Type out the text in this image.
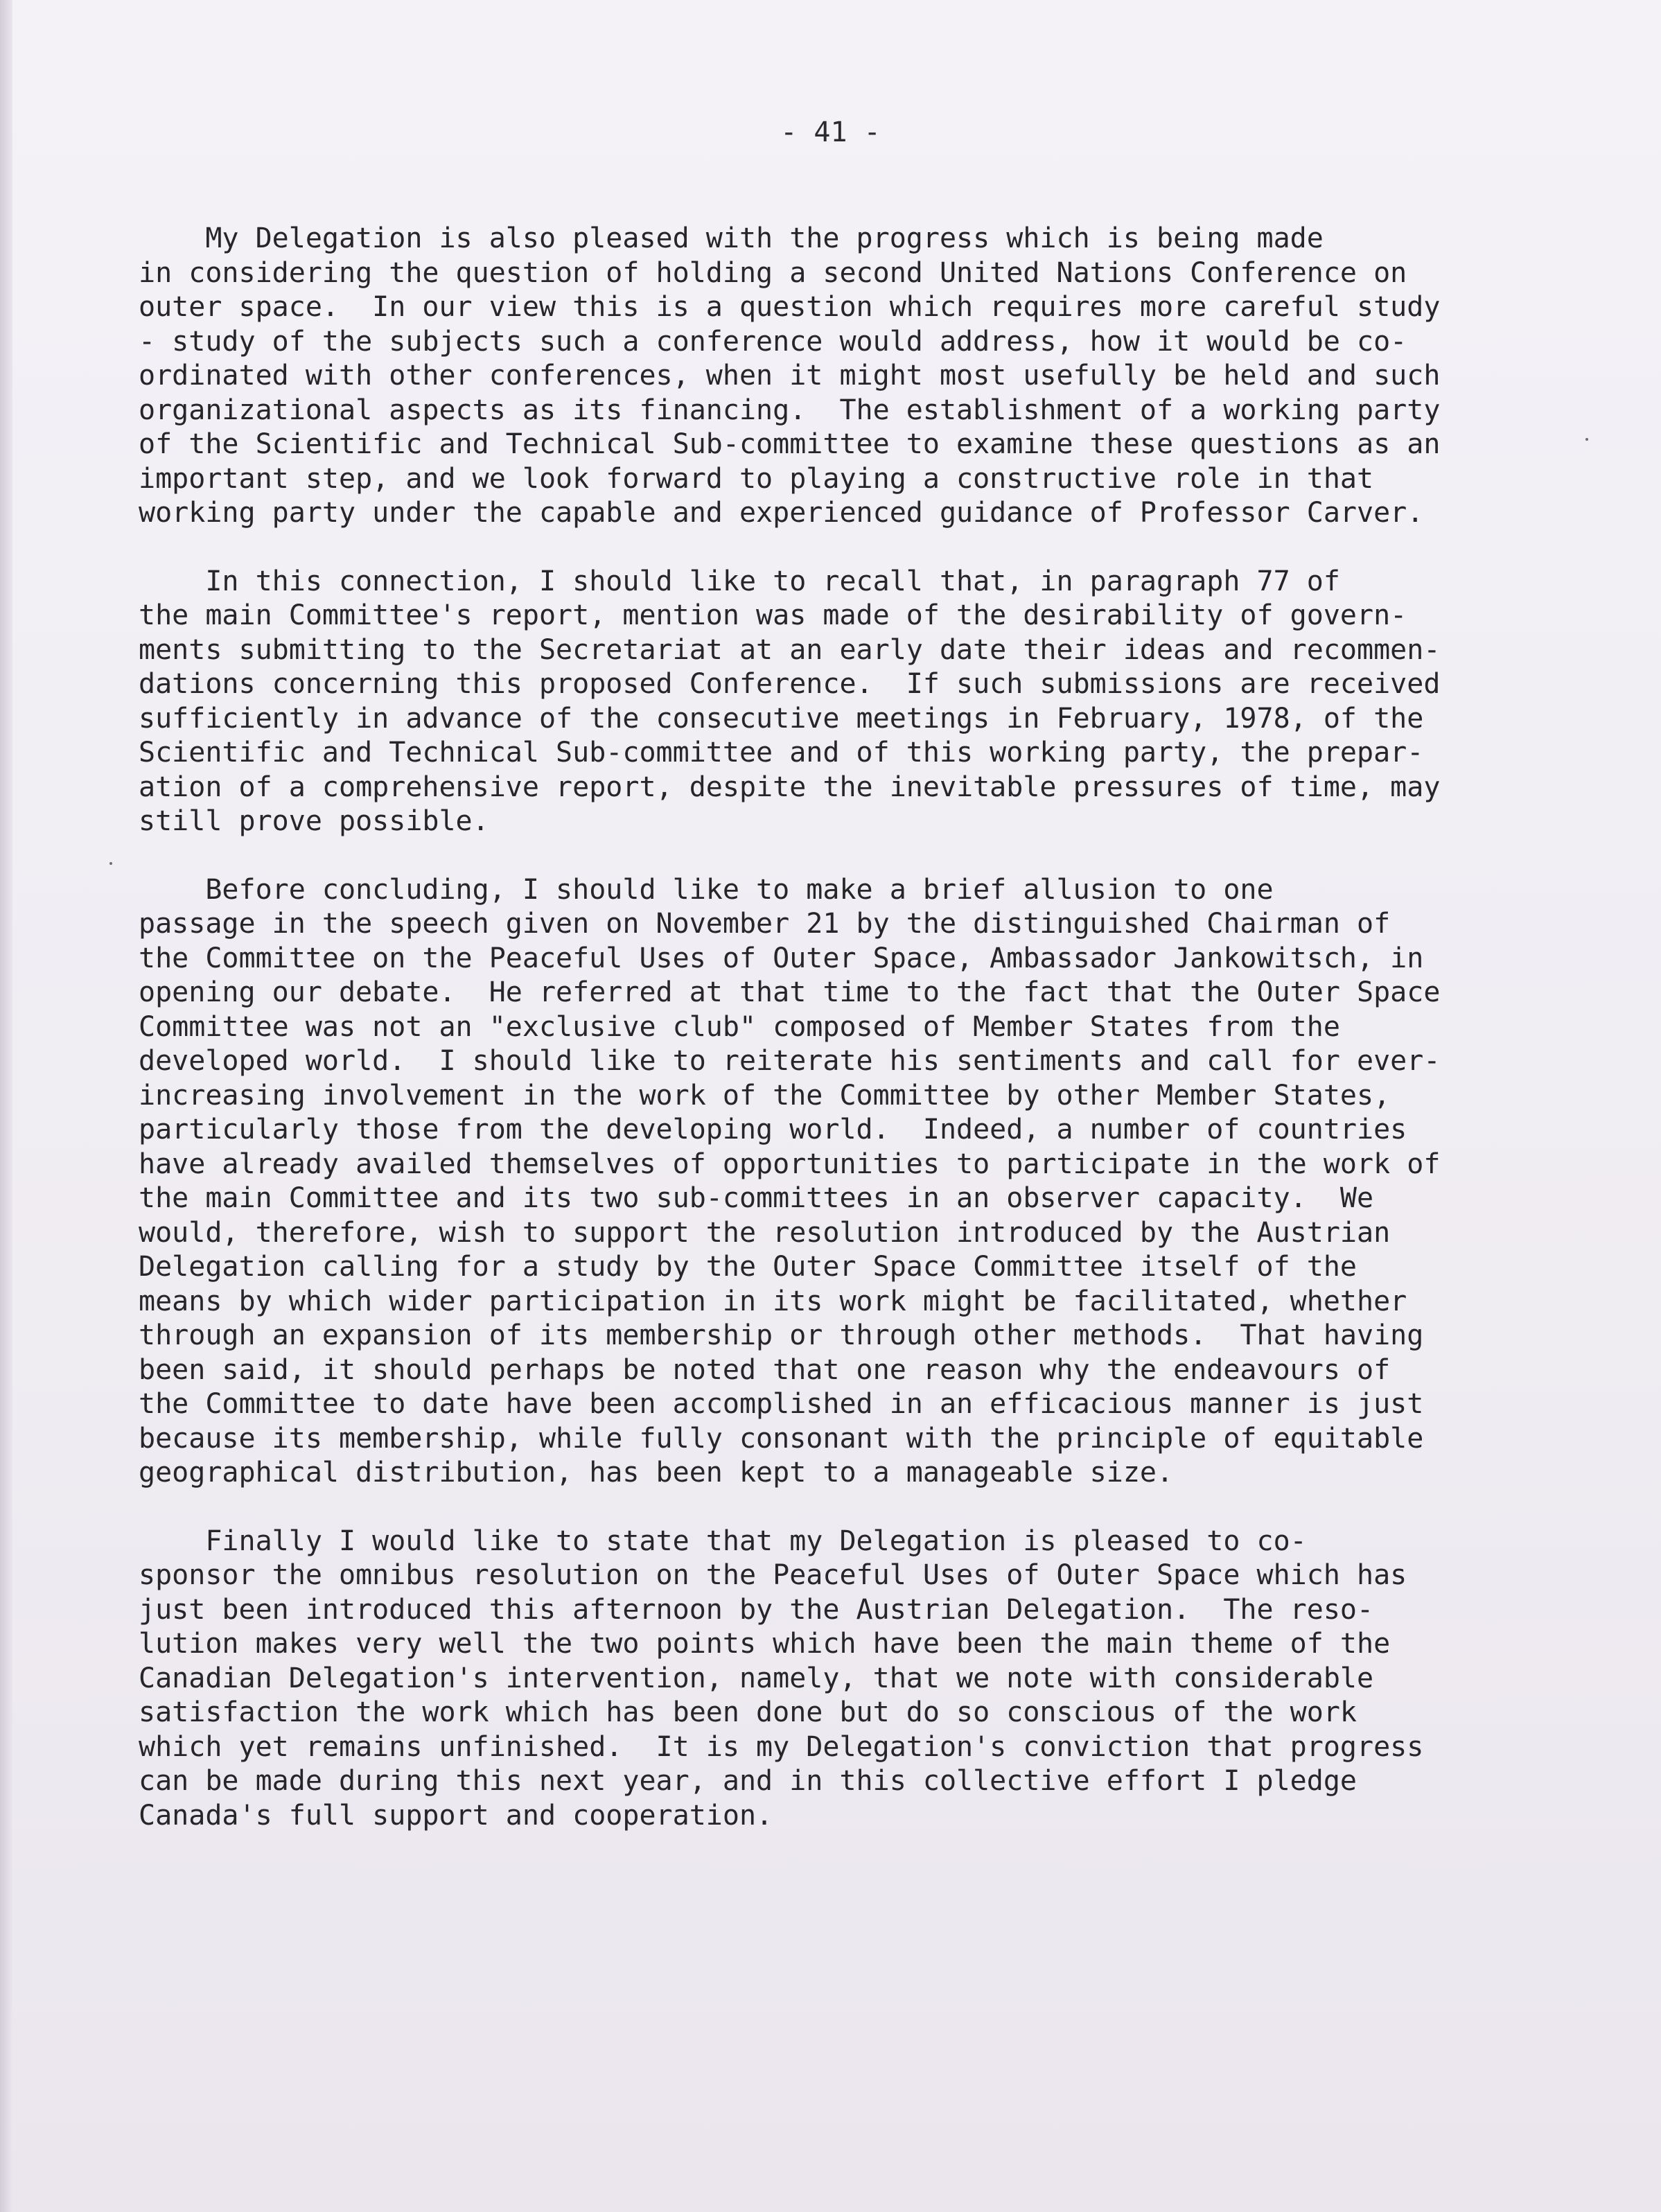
- 41 -
My Delegation is also pleased with the progress which is being made
in considering the question of holding a second United Nations Conference on
outer space.  In our view this is a question which requires more careful study
- study of the subjects such a conference would address, how it would be co-
ordinated with other conferences, when it might most usefully be held and such
organizational aspects as its financing.  The establishment of a working party
of the Scientific and Technical Sub-committee to examine these questions as an
important step, and we look forward to playing a constructive role in that
working party under the capable and experienced guidance of Professor Carver.
In this connection, I should like to recall that, in paragraph 77 of
the main Committee's report, mention was made of the desirability of govern-
ments submitting to the Secretariat at an early date their ideas and recommen-
dations concerning this proposed Conference.  If such submissions are received
sufficiently in advance of the consecutive meetings in February, 1978, of the
Scientific and Technical Sub-committee and of this working party, the prepar-
ation of a comprehensive report, despite the inevitable pressures of time, may
still prove possible.
Before concluding, I should like to make a brief allusion to one
passage in the speech given on November 21 by the distinguished Chairman of
the Committee on the Peaceful Uses of Outer Space, Ambassador Jankowitsch, in
opening our debate.  He referred at that time to the fact that the Outer Space
Committee was not an "exclusive club" composed of Member States from the
developed world.  I should like to reiterate his sentiments and call for ever-
increasing involvement in the work of the Committee by other Member States,
particularly those from the developing world.  Indeed, a number of countries
have already availed themselves of opportunities to participate in the work of
the main Committee and its two sub-committees in an observer capacity.  We
would, therefore, wish to support the resolution introduced by the Austrian
Delegation calling for a study by the Outer Space Committee itself of the
means by which wider participation in its work might be facilitated, whether
through an expansion of its membership or through other methods.  That having
been said, it should perhaps be noted that one reason why the endeavours of
the Committee to date have been accomplished in an efficacious manner is just
because its membership, while fully consonant with the principle of equitable
geographical distribution, has been kept to a manageable size.
Finally I would like to state that my Delegation is pleased to co-
sponsor the omnibus resolution on the Peaceful Uses of Outer Space which has
just been introduced this afternoon by the Austrian Delegation.  The reso-
lution makes very well the two points which have been the main theme of the
Canadian Delegation's intervention, namely, that we note with considerable
satisfaction the work which has been done but do so conscious of the work
which yet remains unfinished.  It is my Delegation's conviction that progress
can be made during this next year, and in this collective effort I pledge
Canada's full support and cooperation.
